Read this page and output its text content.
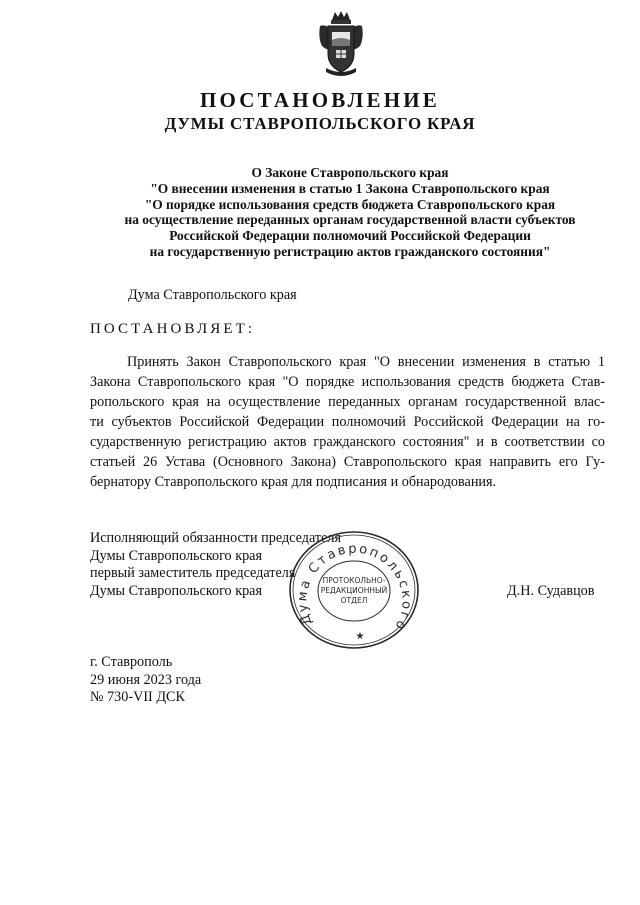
ПОСТАНОВЛЕНИЕ
ДУМЫ СТАВРОПОЛЬСКОГО КРАЯ
О Законе Ставропольского края
"О внесении изменения в статью 1 Закона Ставропольского края
"О порядке использования средств бюджета Ставропольского края
на осуществление переданных органам государственной власти субъектов
Российской Федерации полномочий Российской Федерации
на государственную регистрацию актов гражданского состояния"
Дума Ставропольского края
ПОСТАНОВЛЯЕТ:
Принять Закон Ставропольского края "О внесении изменения в статью 1
Закона Ставропольского края "О порядке использования средств бюджета Став-
ропольского края на осуществление переданных органам государственной влас-
ти субъектов Российской Федерации полномочий Российской Федерации на го-
сударственную регистрацию актов гражданского состояния" и в соответствии со
статьей 26 Устава (Основного Закона) Ставропольского края направить его Гу-
бернатору Ставропольского края для подписания и обнародования.
Исполняющий обязанности председателя
Думы Ставропольского края
первый заместитель председателя
Думы Ставропольского края	Д.Н. Судавцов
Дума Ставропольского
ПРОТОКОЛЬНО-
РЕДАКЦИОННЫЙ
ОТДЕЛ
★
г. Ставрополь
29 июня 2023 года
№ 730-VII ДСК
